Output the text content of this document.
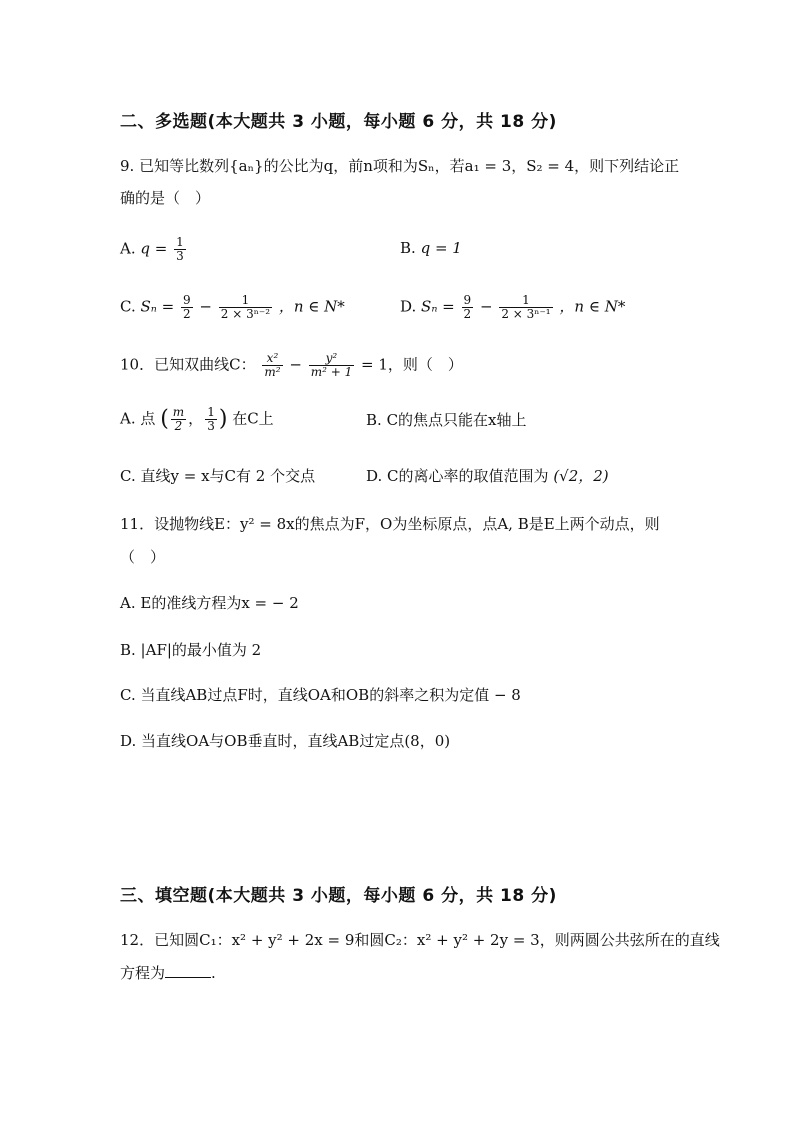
二、多选题(本大题共 3 小题，每小题 6 分，共 18 分)
9. 已知等比数列{aₙ}的公比为q，前n项和为Sₙ，若a₁ = 3，S₂ = 4，则下列结论正
确的是（　）
A. $q = \frac{1}{3}$	B. q = 1
C. $S_n = \frac{9}{2} - \frac{1}{\text{2 × 3ⁿ⁻²}}$ ，n ∈ N*	D. $S_n = \frac{9}{2} - \frac{1}{\text{2 × 3ⁿ⁻¹}}$ ，n ∈ N*
10．已知双曲线C： $\frac{\text{x²}}{\text{m²}} - \frac{\text{y²}}{\text{m² + 1}} = 1$，则（　）
A. 点 ( $\frac{m}{2}$ ， $\frac{1}{3}$ ) 在C上	B. C的焦点只能在x轴上
C. 直线y = x与C有 2 个交点	D. C的离心率的取值范围为 (√2，2)
11．设抛物线E：y² = 8x的焦点为F，O为坐标原点，点A, B是E上两个动点，则
（　）
A. E的准线方程为x = − 2
B. |AF|的最小值为 2
C. 当直线AB过点F时，直线OA和OB的斜率之积为定值 − 8
D. 当直线OA与OB垂直时，直线AB过定点(8，0)
三、填空题(本大题共 3 小题，每小题 6 分，共 18 分)
12．已知圆C₁：x² + y² + 2x = 9和圆C₂：x² + y² + 2y = 3，则两圆公共弦所在的直线
方程为	.
